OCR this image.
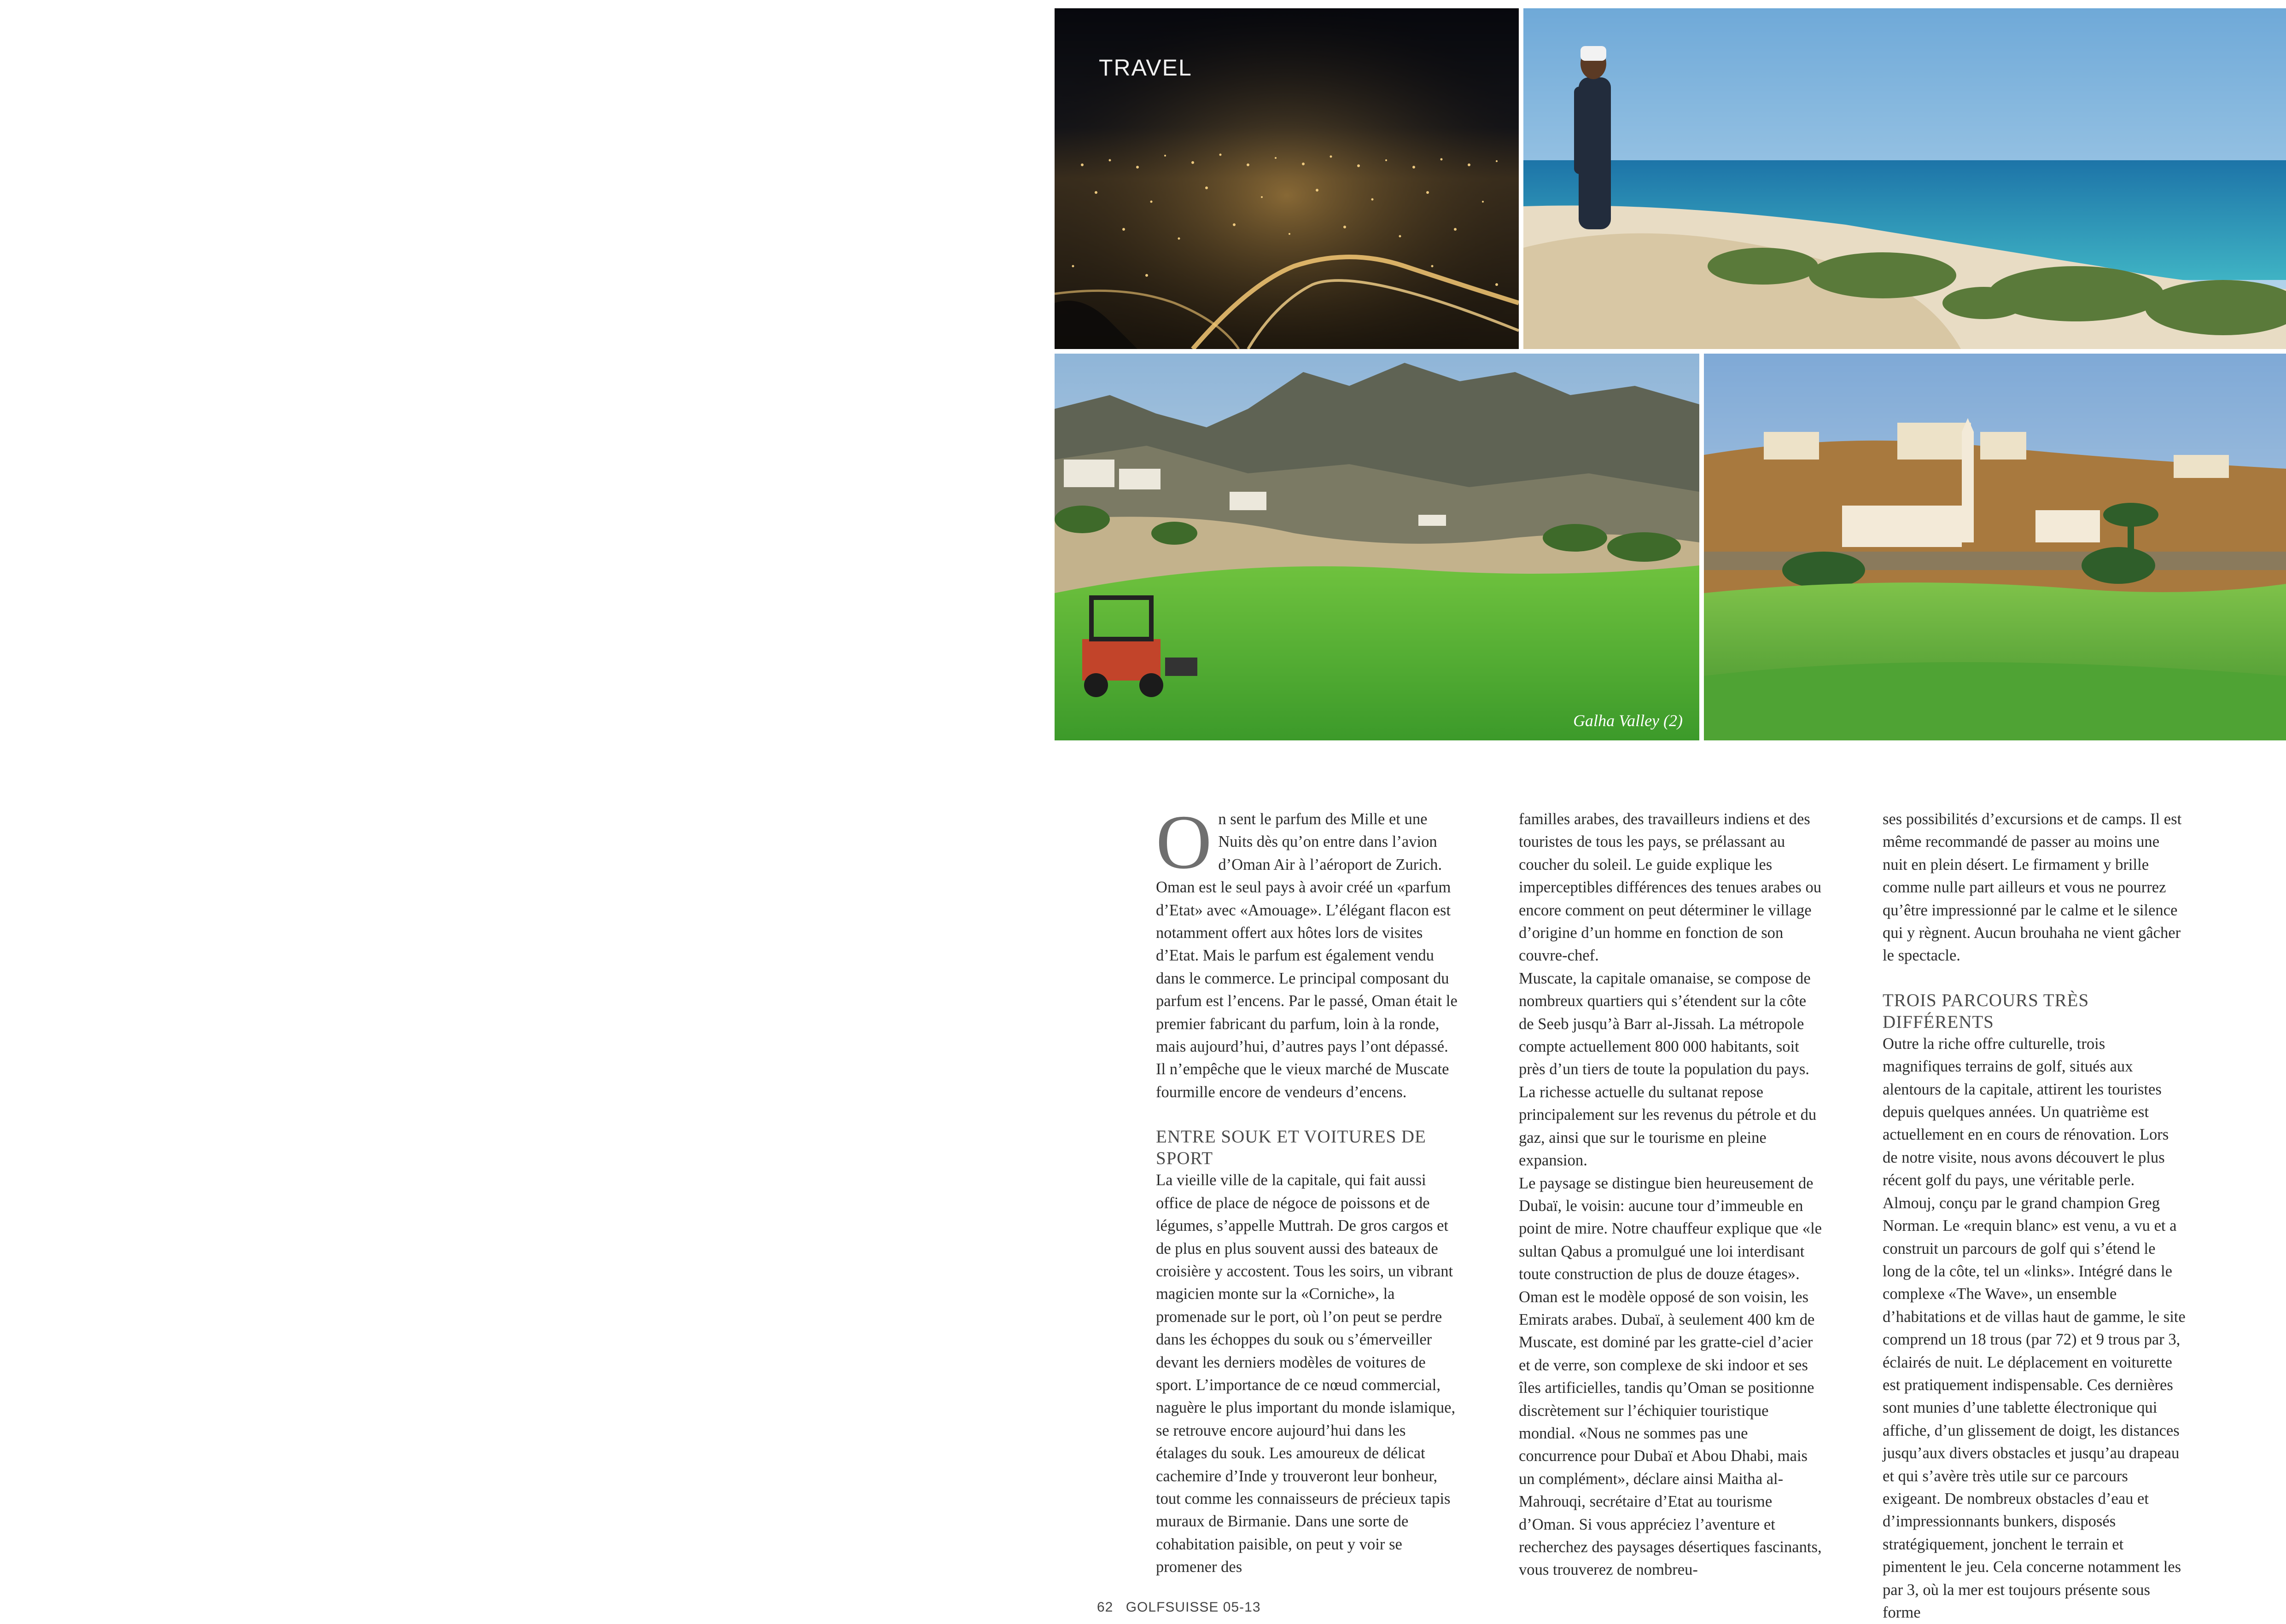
TRAVEL
Galha Valley (2)

On sent le parfum des Mille et une Nuits dès qu’on entre dans l’avion d’Oman Air à l’aéroport de Zurich. Oman est le seul pays à avoir créé un «parfum d’Etat» avec «Amouage». L’élégant flacon est notamment offert aux hôtes lors de visites d’Etat. Mais le parfum est également vendu dans le commerce. Le principal composant du parfum est l’encens. Par le passé, Oman était le premier fabricant du parfum, loin à la ronde, mais aujourd’hui, d’autres pays l’ont dépassé. Il n’empêche que le vieux marché de Muscate fourmille encore de vendeurs d’encens.

ENTRE SOUK ET VOITURES DE SPORT

La vieille ville de la capitale, qui fait aussi office de place de négoce de poissons et de légumes, s’appelle Muttrah. De gros cargos et de plus en plus souvent aussi des bateaux de croisière y accostent. Tous les soirs, un vibrant magicien monte sur la «Corniche», la promenade sur le port, où l’on peut se perdre dans les échoppes du souk ou s’émerveiller devant les derniers modèles de voitures de sport. L’importance de ce nœud commercial, naguère le plus important du monde islamique, se retrouve encore aujourd’hui dans les étalages du souk. Les amoureux de délicat cachemire d’Inde y trouveront leur bonheur, tout comme les connaisseurs de précieux tapis muraux de Birmanie. Dans une sorte de cohabitation paisible, on peut y voir se promener des

familles arabes, des travailleurs indiens et des touristes de tous les pays, se prélassant au coucher du soleil. Le guide explique les imperceptibles différences des tenues arabes ou encore comment on peut déterminer le village d’origine d’un homme en fonction de son couvre-chef.

Muscate, la capitale omanaise, se compose de nombreux quartiers qui s’étendent sur la côte de Seeb jusqu’à Barr al-Jissah. La métropole compte actuellement 800 000 habitants, soit près d’un tiers de toute la population du pays. La richesse actuelle du sultanat repose principalement sur les revenus du pétrole et du gaz, ainsi que sur le tourisme en pleine expansion.

Le paysage se distingue bien heureusement de Dubaï, le voisin: aucune tour d’immeuble en point de mire. Notre chauffeur explique que «le sultan Qabus a promulgué une loi interdisant toute construction de plus de douze étages». Oman est le modèle opposé de son voisin, les Emirats arabes. Dubaï, à seulement 400 km de Muscate, est dominé par les gratte-ciel d’acier et de verre, son complexe de ski indoor et ses îles artificielles, tandis qu’Oman se positionne discrètement sur l’échiquier touristique mondial. «Nous ne sommes pas une concurrence pour Dubaï et Abou Dhabi, mais un complément», déclare ainsi Maitha al-Mahrouqi, secrétaire d’Etat au tourisme d’Oman. Si vous appréciez l’aventure et recherchez des paysages désertiques fascinants, vous trouverez de nombreu-

ses possibilités d’excursions et de camps. Il est même recommandé de passer au moins une nuit en plein désert. Le firmament y brille comme nulle part ailleurs et vous ne pourrez qu’être impressionné par le calme et le silence qui y règnent. Aucun brouhaha ne vient gâcher le spectacle.

TROIS PARCOURS TRÈS DIFFÉRENTS

Outre la riche offre culturelle, trois magnifiques terrains de golf, situés aux alentours de la capitale, attirent les touristes depuis quelques années. Un quatrième est actuellement en en cours de rénovation. Lors de notre visite, nous avons découvert le plus récent golf du pays, une véritable perle. Almouj, conçu par le grand champion Greg Norman. Le «requin blanc» est venu, a vu et a construit un parcours de golf qui s’étend le long de la côte, tel un «links». Intégré dans le complexe «The Wave», un ensemble d’habitations et de villas haut de gamme, le site comprend un 18 trous (par 72) et 9 trous par 3, éclairés de nuit. Le déplacement en voiturette est pratiquement indispensable. Ces dernières sont munies d’une tablette électronique qui affiche, d’un glissement de doigt, les distances jusqu’aux divers obstacles et jusqu’au drapeau et qui s’avère très utile sur ce parcours exigeant. De nombreux obstacles d’eau et d’impressionnants bunkers, disposés stratégiquement, jonchent le terrain et pimentent le jeu. Cela concerne notamment les par 3, où la mer est toujours présente sous forme

62 GOLFSUISSE 05-13
